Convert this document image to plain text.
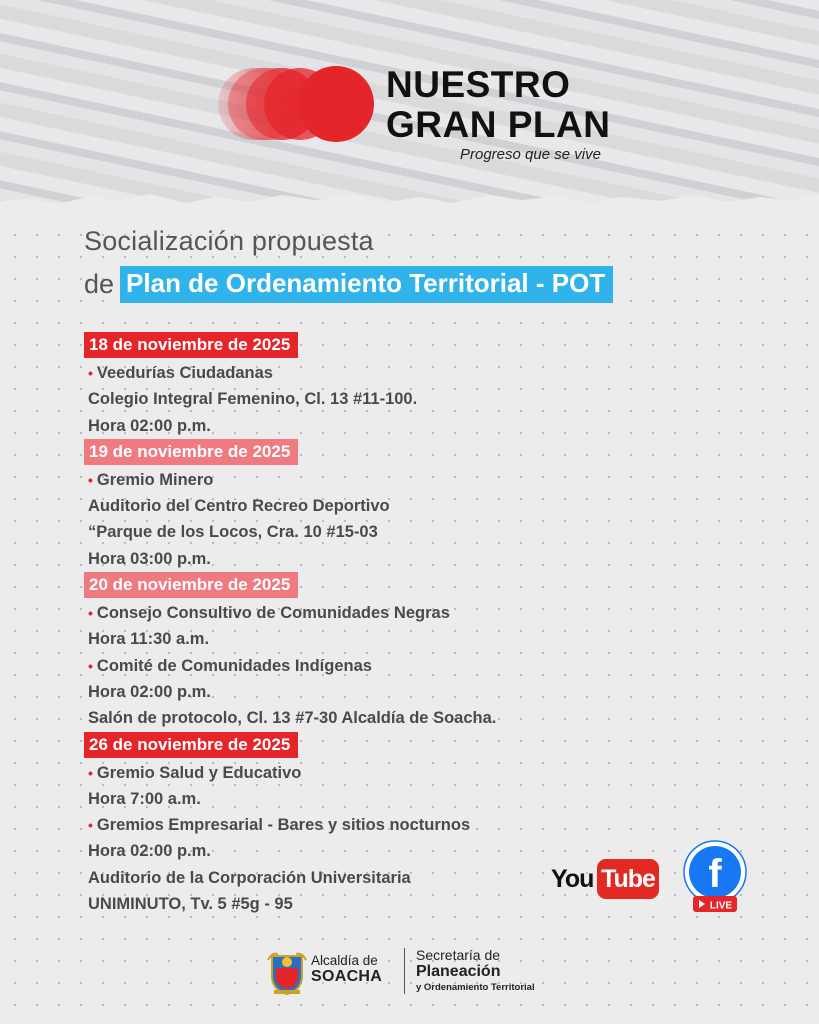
NUESTRO
GRAN PLAN
Progreso que se vive
Socialización propuesta
de Plan de Ordenamiento Territorial - POT
18 de noviembre de 2025
• Veedurías Ciudadanas
Colegio Integral Femenino, Cl. 13 #11-100.
Hora 02:00 p.m.
19 de noviembre de 2025
• Gremio Minero
Auditorio del Centro Recreo Deportivo
“Parque de los Locos, Cra. 10 #15-03
Hora 03:00 p.m.
20 de noviembre de 2025
• Consejo Consultivo de Comunidades Negras
Hora 11:30 a.m.
• Comité de Comunidades Indígenas
Hora 02:00 p.m.
Salón de protocolo, Cl. 13 #7-30 Alcaldía de Soacha.
26 de noviembre de 2025
• Gremio Salud y Educativo
Hora 7:00 a.m.
• Gremios Empresarial - Bares y sitios nocturnos
Hora 02:00 p.m.
Auditorio de la Corporación Universitaria
UNIMINUTO, Tv. 5 #5g - 95
You Tube f
LIVE
Alcaldía de
SOACHA
Secretaría de
Planeación
y Ordenamiento Territorial
